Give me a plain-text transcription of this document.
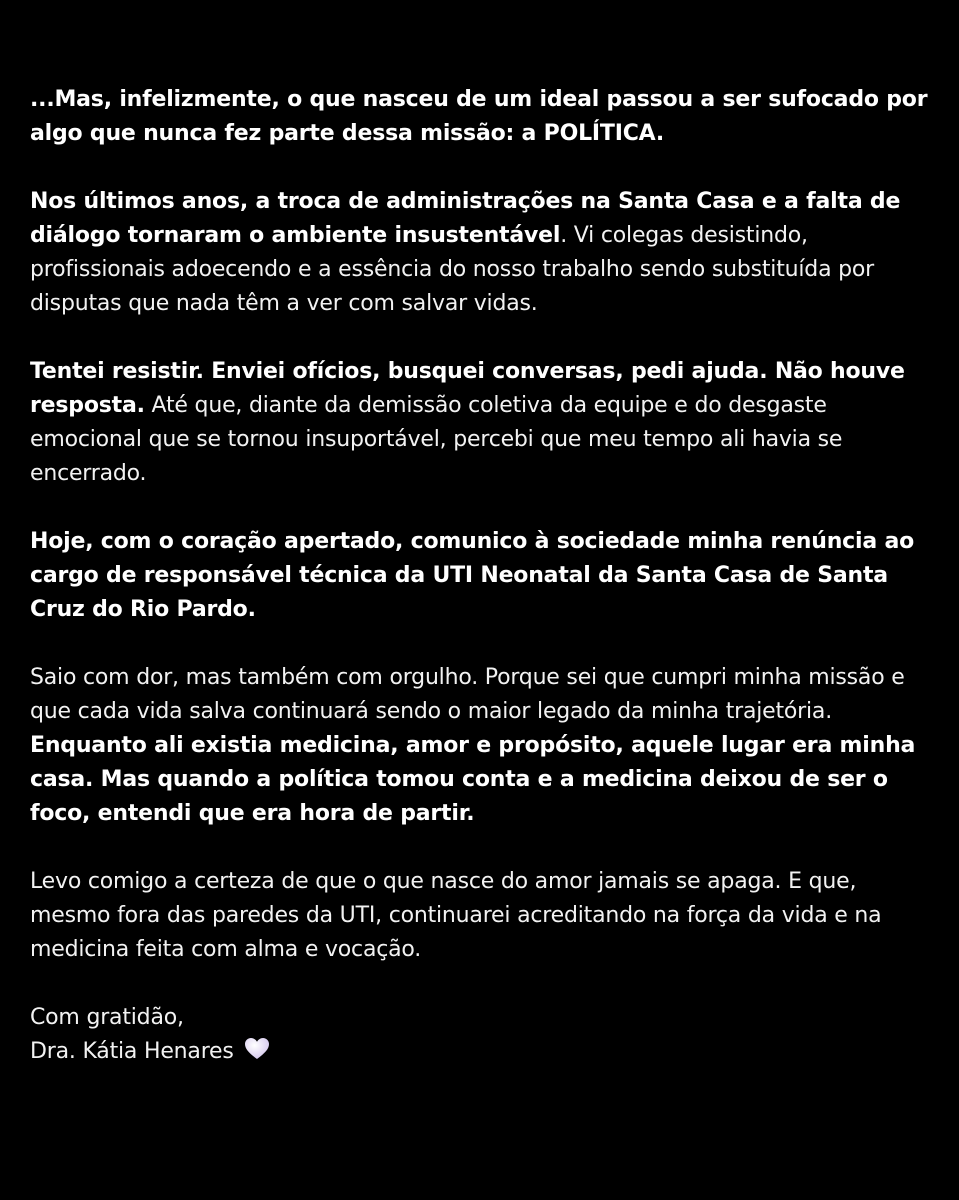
...Mas, infelizmente, o que nasceu de um ideal passou a ser sufocado por algo que nunca fez parte dessa missão: a POLÍTICA.

Nos últimos anos, a troca de administrações na Santa Casa e a falta de diálogo tornaram o ambiente insustentável. Vi colegas desistindo, profissionais adoecendo e a essência do nosso trabalho sendo substituída por disputas que nada têm a ver com salvar vidas.

Tentei resistir. Enviei ofícios, busquei conversas, pedi ajuda. Não houve resposta. Até que, diante da demissão coletiva da equipe e do desgaste emocional que se tornou insuportável, percebi que meu tempo ali havia se encerrado.

Hoje, com o coração apertado, comunico à sociedade minha renúncia ao cargo de responsável técnica da UTI Neonatal da Santa Casa de Santa Cruz do Rio Pardo.

Saio com dor, mas também com orgulho. Porque sei que cumpri minha missão e que cada vida salva continuará sendo o maior legado da minha trajetória. Enquanto ali existia medicina, amor e propósito, aquele lugar era minha casa. Mas quando a política tomou conta e a medicina deixou de ser o foco, entendi que era hora de partir.

Levo comigo a certeza de que o que nasce do amor jamais se apaga. E que, mesmo fora das paredes da UTI, continuarei acreditando na força da vida e na medicina feita com alma e vocação.

Com gratidão,
Dra. Kátia Henares
